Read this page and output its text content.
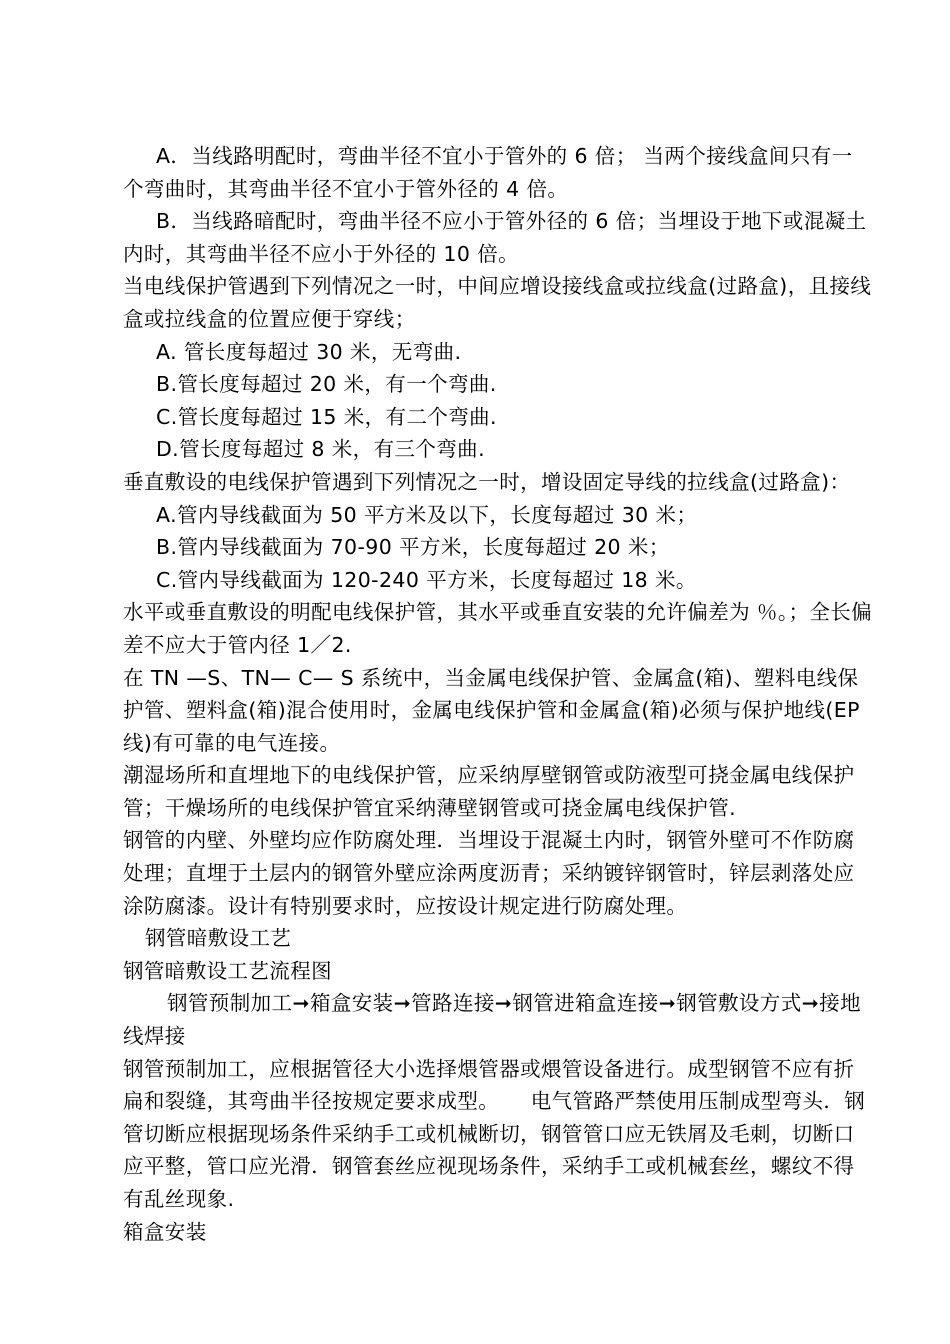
A．当线路明配时，弯曲半径不宜小于管外的 6 倍； 当两个接线盒间只有一个弯曲时，其弯曲半径不宜小于管外径的 4 倍。

B．当线路暗配时，弯曲半径不应小于管外径的 6 倍；当埋设于地下或混凝土内时，其弯曲半径不应小于外径的 10 倍。

当电线保护管遇到下列情况之一时，中间应增设接线盒或拉线盒(过路盒)，且接线盒或拉线盒的位置应便于穿线；

A. 管长度每超过 30 米，无弯曲.

B.管长度每超过 20 米，有一个弯曲.

C.管长度每超过 15 米，有二个弯曲.

D.管长度每超过 8 米，有三个弯曲.

垂直敷设的电线保护管遇到下列情况之一时，增设固定导线的拉线盒(过路盒)：

A.管内导线截面为 50 平方米及以下，长度每超过 30 米；

B.管内导线截面为 70-90 平方米，长度每超过 20 米；

C.管内导线截面为 120-240 平方米，长度每超过 18 米。

水平或垂直敷设的明配电线保护管，其水平或垂直安装的允许偏差为 ％。；全长偏差不应大于管内径 1／2.

在 TN —S、TN— C— S 系统中，当金属电线保护管、金属盒(箱)、塑料电线保护管、塑料盒(箱)混合使用时，金属电线保护管和金属盒(箱)必须与保护地线(EP 线)有可靠的电气连接。

潮湿场所和直埋地下的电线保护管，应采纳厚壁钢管或防液型可挠金属电线保护管；干燥场所的电线保护管宜采纳薄壁钢管或可挠金属电线保护管.

钢管的内壁、外壁均应作防腐处理．当埋设于混凝土内时，钢管外壁可不作防腐处理；直埋于土层内的钢管外壁应涂两度沥青；采纳镀锌钢管时，锌层剥落处应涂防腐漆。设计有特别要求时，应按设计规定进行防腐处理。

钢管暗敷设工艺

钢管暗敷设工艺流程图

钢管预制加工➞箱盒安装➞管路连接➞钢管进箱盒连接➞钢管敷设方式➞接地线焊接

钢管预制加工，应根据管径大小选择煨管器或煨管设备进行。成型钢管不应有折扁和裂缝，其弯曲半径按规定要求成型。　　电气管路严禁使用压制成型弯头．钢管切断应根据现场条件采纳手工或机械断切，钢管管口应无铁屑及毛刺，切断口应平整，管口应光滑．钢管套丝应视现场条件，采纳手工或机械套丝，螺纹不得有乱丝现象.

箱盒安装
